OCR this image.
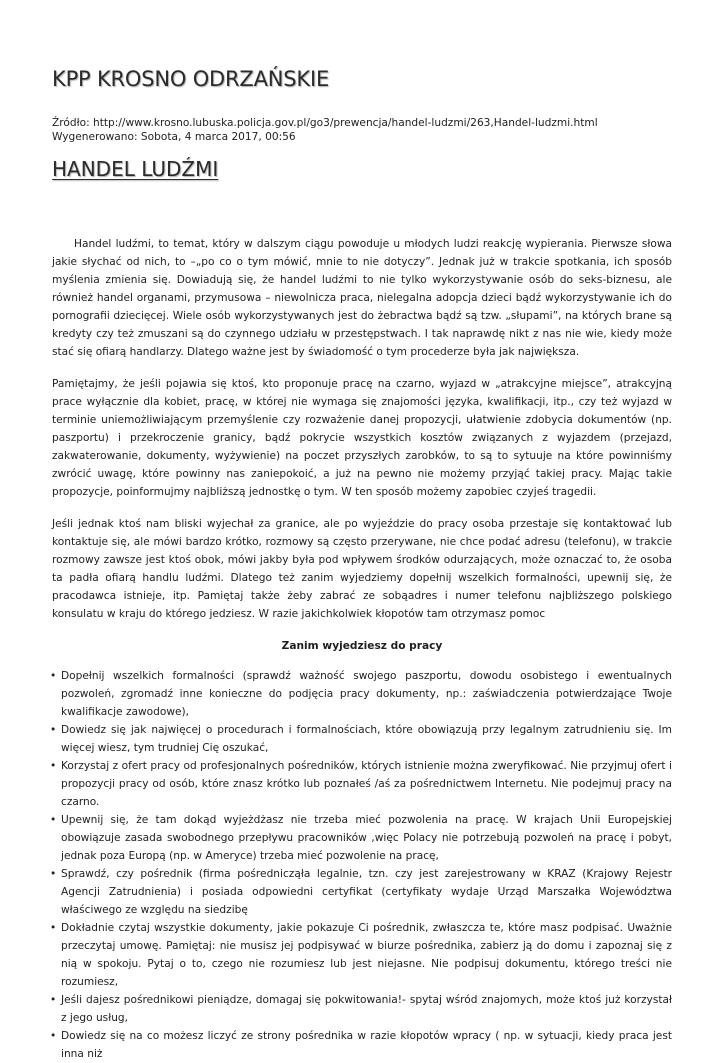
KPP KROSNO ODRZAŃSKIE
Źródło: http://www.krosno.lubuska.policja.gov.pl/go3/prewencja/handel-ludzmi/263,Handel-ludzmi.html
Wygenerowano: Sobota, 4 marca 2017, 00:56
HANDEL LUDŹMI

Handel ludźmi, to temat, który w dalszym ciągu powoduje u młodych ludzi reakcję wypierania. Pierwsze słowa jakie słychać od nich, to –„po co o tym mówić, mnie to nie dotyczy”. Jednak już w trakcie spotkania, ich sposób myślenia zmienia się. Dowiadują się, że handel ludźmi to nie tylko wykorzystywanie osób do seks-biznesu, ale również handel organami, przymusowa – niewolnicza praca, nielegalna adopcja dzieci bądź wykorzystywanie ich do pornografii dziecięcej. Wiele osób wykorzystywanych jest do żebractwa bądź są tzw. „słupami”, na których brane są kredyty czy też zmuszani są do czynnego udziału w przestępstwach. I tak naprawdę nikt z nas nie wie, kiedy może stać się ofiarą handlarzy. Dlatego ważne jest by świadomość o tym procederze była jak największa.

Pamiętajmy, że jeśli pojawia się ktoś, kto proponuje pracę na czarno, wyjazd w „atrakcyjne miejsce”, atrakcyjną prace wyłącznie dla kobiet, pracę, w której nie wymaga się znajomości języka, kwalifikacji, itp., czy też wyjazd w terminie uniemożliwiającym przemyślenie czy rozważenie danej propozycji, ułatwienie zdobycia dokumentów (np. paszportu) i przekroczenie granicy, bądź pokrycie wszystkich kosztów związanych z wyjazdem (przejazd, zakwaterowanie, dokumenty, wyżywienie) na poczet przyszłych zarobków, to są to sytuuje na które powinniśmy zwrócić uwagę, które powinny nas zaniepokoić, a już na pewno nie możemy przyjąć takiej pracy. Mając takie propozycje, poinformujmy najbliższą jednostkę o tym. W ten sposób możemy zapobiec czyjeś tragedii.

Jeśli jednak ktoś nam bliski wyjechał za granice, ale po wyjeździe do pracy osoba przestaje się kontaktować lub kontaktuje się, ale mówi bardzo krótko, rozmowy są często przerywane, nie chce podać adresu (telefonu), w trakcie rozmowy zawsze jest ktoś obok, mówi jakby była pod wpływem środków odurzających, może oznaczać to, że osoba ta padła ofiarą handlu ludźmi. Dlatego też zanim wyjedziemy dopełnij wszelkich formalności, upewnij się, że pracodawca istnieje, itp. Pamiętaj także żeby zabrać ze sobąadres i numer telefonu najbliższego polskiego konsulatu w kraju do którego jedziesz. W razie jakichkolwiek kłopotów tam otrzymasz pomoc

Zanim wyjedziesz do pracy
• Dopełnij wszelkich formalności (sprawdź ważność swojego paszportu, dowodu osobistego i ewentualnych pozwoleń, zgromadź inne konieczne do podjęcia pracy dokumenty, np.: zaświadczenia potwierdzające Twoje kwalifikacje zawodowe),
• Dowiedz się jak najwięcej o procedurach i formalnościach, które obowiązują przy legalnym zatrudnieniu się. Im więcej wiesz, tym trudniej Cię oszukać,
• Korzystaj z ofert pracy od profesjonalnych pośredników, których istnienie można zweryfikować. Nie przyjmuj ofert i propozycji pracy od osób, które znasz krótko lub poznałeś /aś za pośrednictwem Internetu. Nie podejmuj pracy na czarno.
• Upewnij się, że tam dokąd wyjeżdżasz nie trzeba mieć pozwolenia na pracę. W krajach Unii Europejskiej obowiązuje zasada swobodnego przepływu pracowników ,więc Polacy nie potrzebują pozwoleń na pracę i pobyt, jednak poza Europą (np. w Ameryce) trzeba mieć pozwolenie na pracę,
• Sprawdź, czy pośrednik (firma pośrednicząła legalnie, tzn. czy jest zarejestrowany w KRAZ (Krajowy Rejestr Agencji Zatrudnienia) i posiada odpowiedni certyfikat (certyfikaty wydaje Urząd Marszałka Województwa właściwego ze względu na siedzibę
• Dokładnie czytaj wszystkie dokumenty, jakie pokazuje Ci pośrednik, zwłaszcza te, które masz podpisać. Uważnie przeczytaj umowę. Pamiętaj: nie musisz jej podpisywać w biurze pośrednika, zabierz ją do domu i zapoznaj się z nią w spokoju. Pytaj o to, czego nie rozumiesz lub jest niejasne. Nie podpisuj dokumentu, którego treści nie rozumiesz,
• Jeśli dajesz pośrednikowi pieniądze, domagaj się pokwitowania!- spytaj wśród znajomych, może ktoś już korzystał z jego usług,
• Dowiedz się na co możesz liczyć ze strony pośrednika w razie kłopotów wpracy ( np. w sytuacji, kiedy praca jest inna niż
